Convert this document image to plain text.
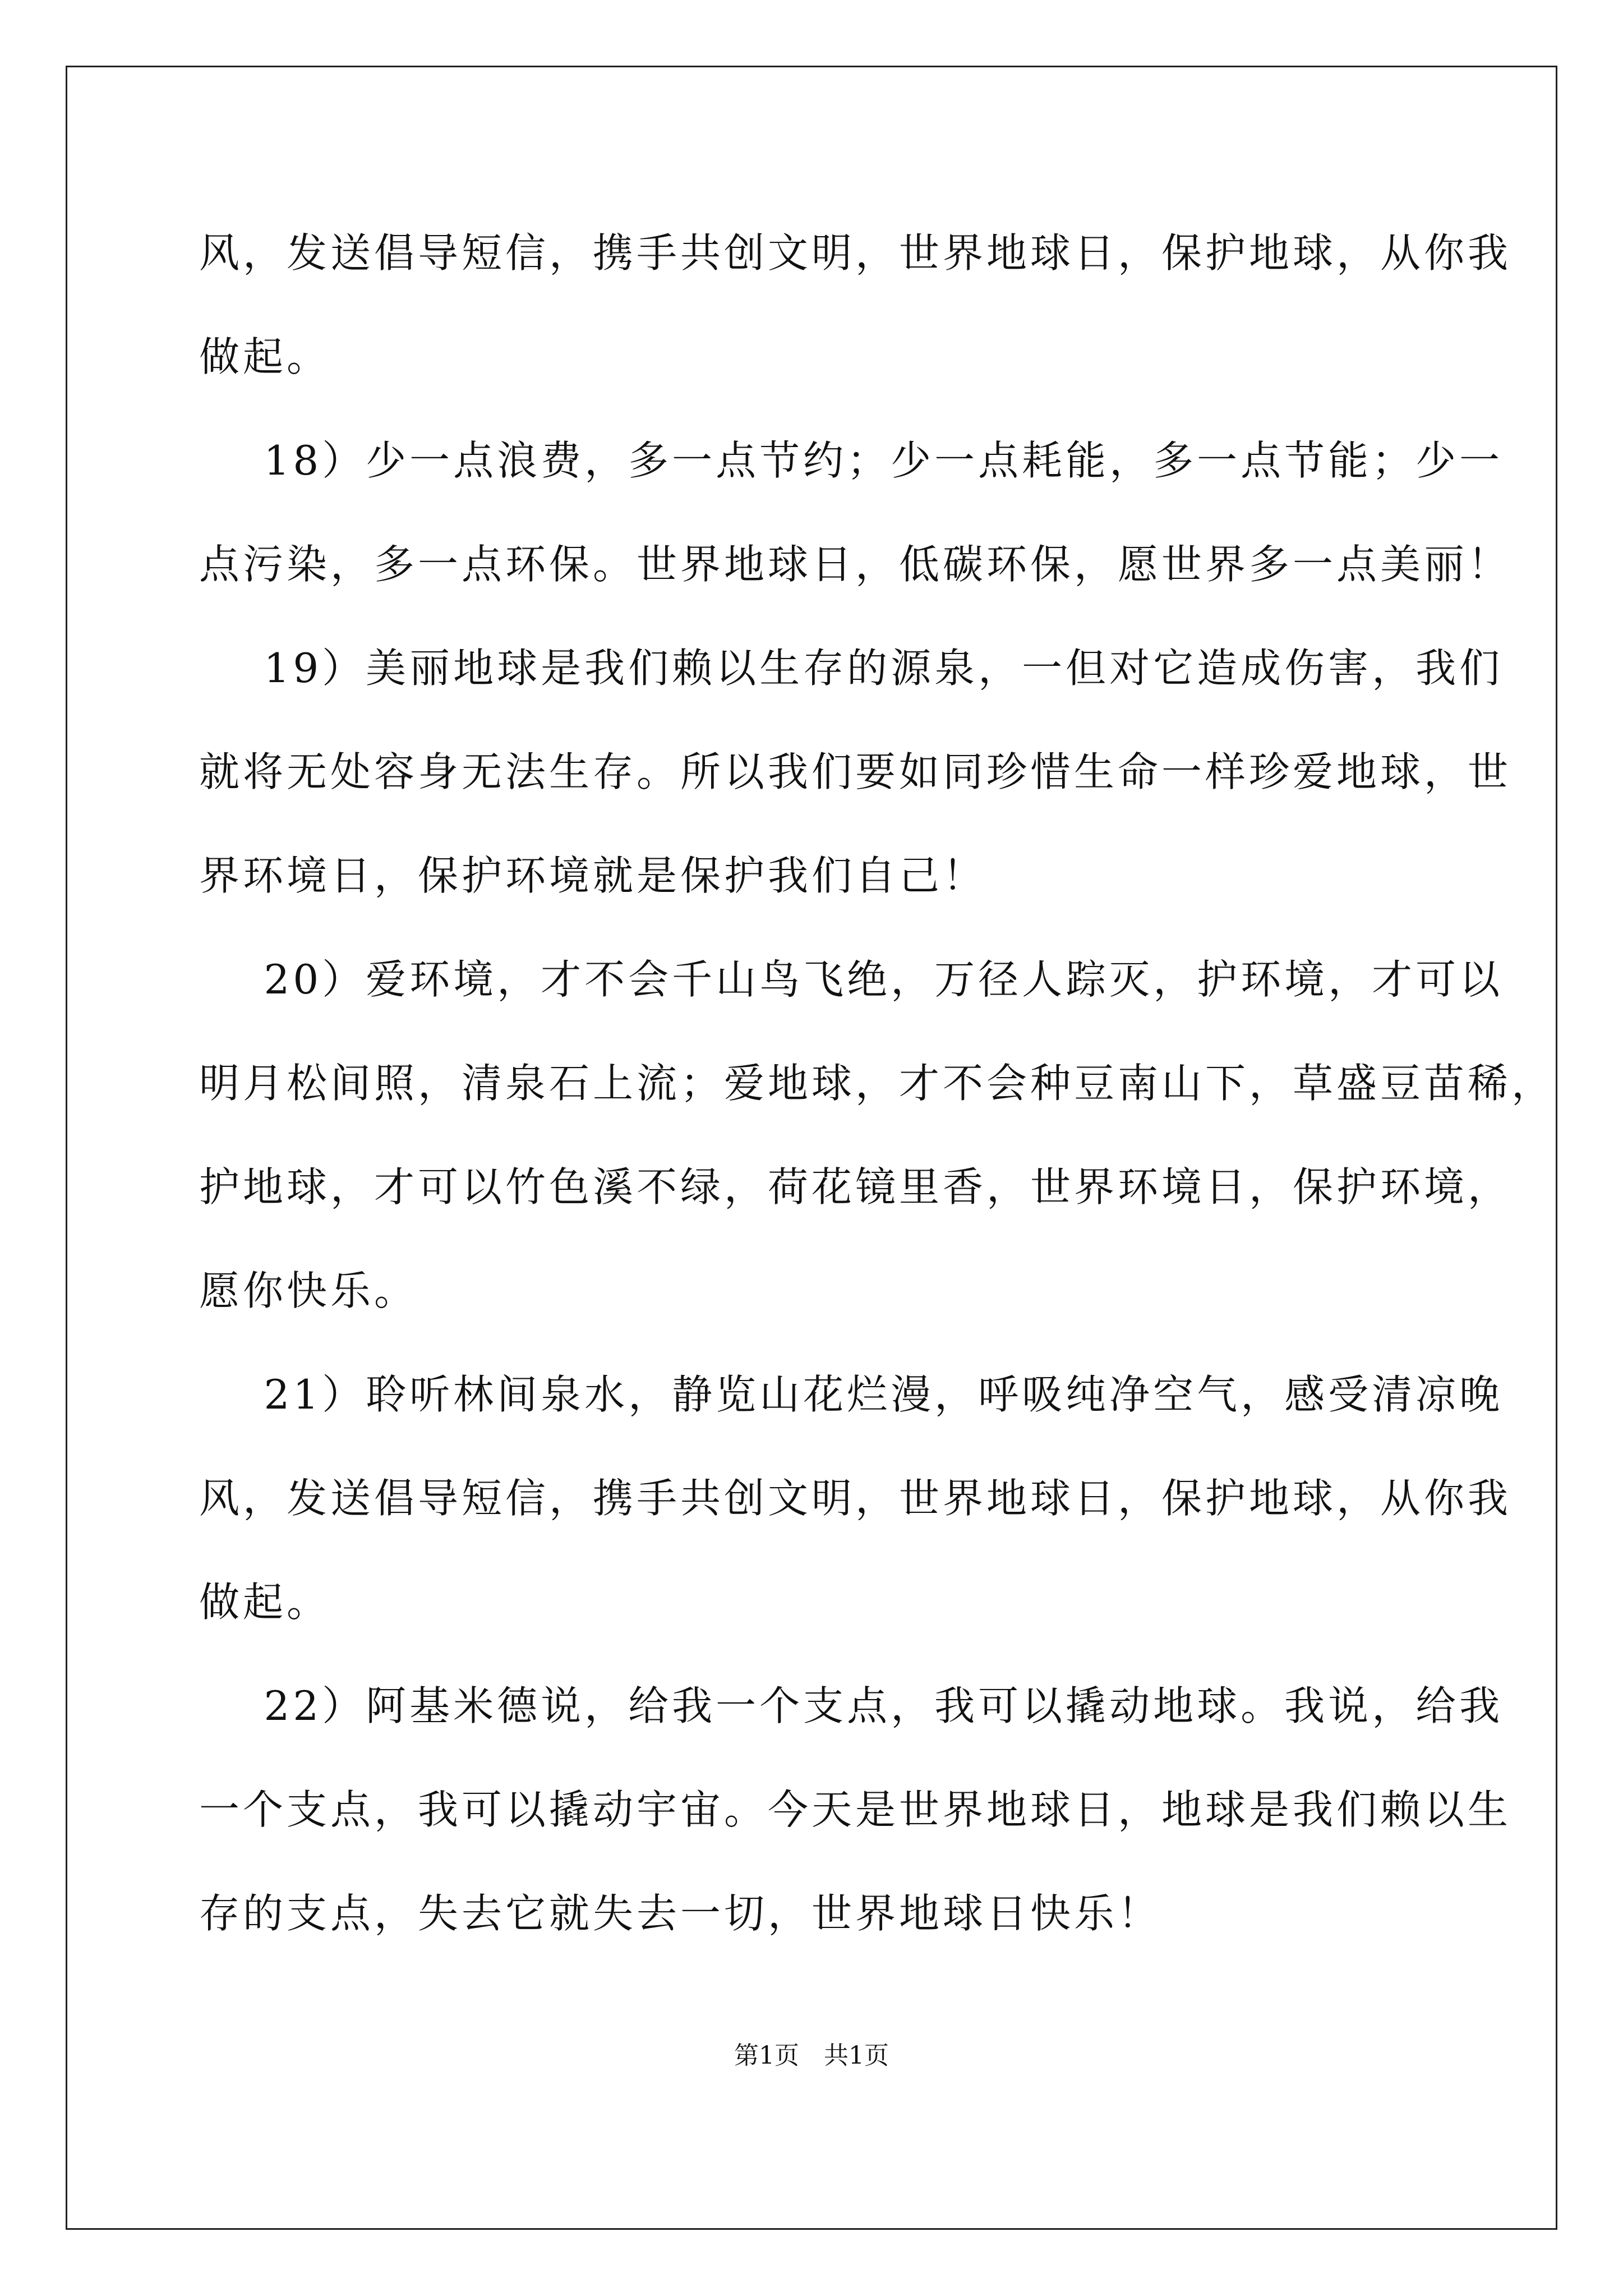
风，发送倡导短信，携手共创文明，世界地球日，保护地球，从你我
做起。
18）少一点浪费，多一点节约；少一点耗能，多一点节能；少一
点污染，多一点环保。世界地球日，低碳环保，愿世界多一点美丽！
19）美丽地球是我们赖以生存的源泉，一但对它造成伤害，我们
就将无处容身无法生存。所以我们要如同珍惜生命一样珍爱地球，世
界环境日，保护环境就是保护我们自己！
20）爱环境，才不会千山鸟飞绝，万径人踪灭，护环境，才可以
明月松间照，清泉石上流；爱地球，才不会种豆南山下，草盛豆苗稀，
护地球，才可以竹色溪不绿，荷花镜里香，世界环境日，保护环境，
愿你快乐。
21）聆听林间泉水，静览山花烂漫，呼吸纯净空气，感受清凉晚
风，发送倡导短信，携手共创文明，世界地球日，保护地球，从你我
做起。
22）阿基米德说，给我一个支点，我可以撬动地球。我说，给我
一个支点，我可以撬动宇宙。今天是世界地球日，地球是我们赖以生
存的支点，失去它就失去一切，世界地球日快乐！
第1页　共1页
